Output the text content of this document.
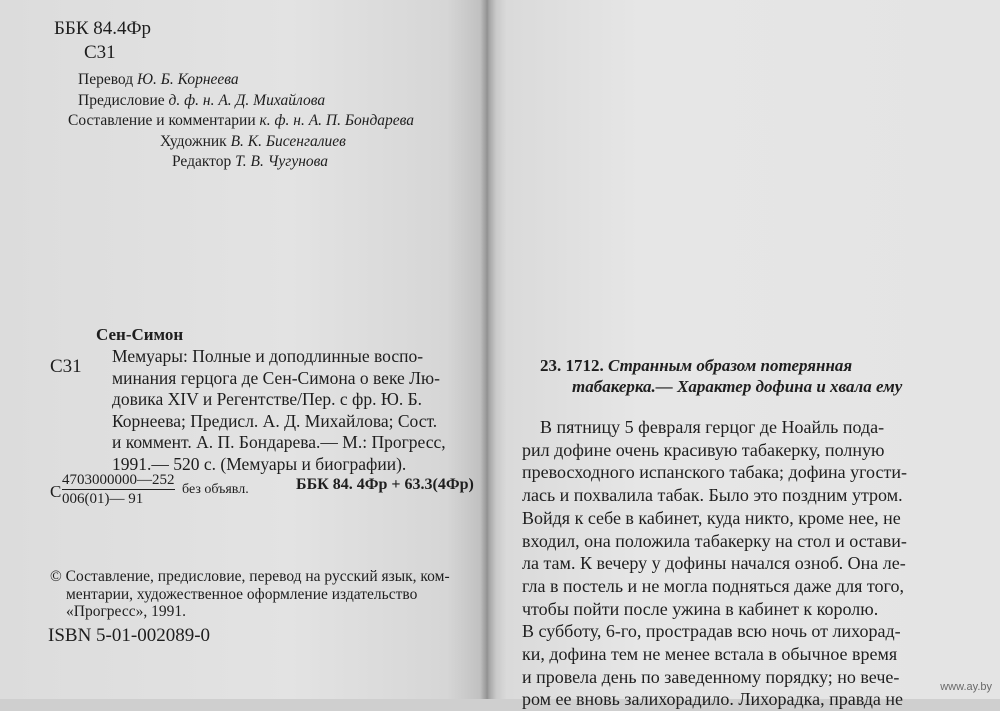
ББК 84.4Фр
С31
Перевод Ю. Б. Корнеева
Предисловие д. ф. н. А. Д. Михайлова
Составление и комментарии к. ф. н. А. П. Бондарева
Художник В. К. Бисенгалиев
Редактор Т. В. Чугунова
Сен-Симон
С31 Мемуары: Полные и доподлинные воспо-
минания герцога де Сен-Симона о веке Лю-
довика XIV и Регентстве/Пер. с фр. Ю. Б.
Корнеева; Предисл. А. Д. Михайлова; Сост.
и коммент. А. П. Бондарева.— М.: Прогресс,
1991.— 520 с. (Мемуары и биографии).
С
4703000000—252
006(01)— 91
без объявл.	ББК 84. 4Фр + 63.3(4Фр)
© Составление, предисловие, перевод на русский язык, ком-
ментарии, художественное оформление издательство
«Прогресс», 1991.
ISBN 5-01-002089-0
23. 1712. Странным образом потерянная
табакерка.— Характер дофина и хвала ему
В пятницу 5 февраля герцог де Ноайль пода-
рил дофине очень красивую табакерку, полную
превосходного испанского табака; дофина угости-
лась и похвалила табак. Было это поздним утром.
Войдя к себе в кабинет, куда никто, кроме нее, не
входил, она положила табакерку на стол и остави-
ла там. К вечеру у дофины начался озноб. Она ле-
гла в постель и не могла подняться даже для того,
чтобы пойти после ужина в кабинет к королю.
В субботу, 6-го, прострадав всю ночь от лихорад-
ки, дофина тем не менее встала в обычное время
и провела день по заведенному порядку; но вече-
ром ее вновь залихорадило. Лихорадка, правда не
www.ay.by
